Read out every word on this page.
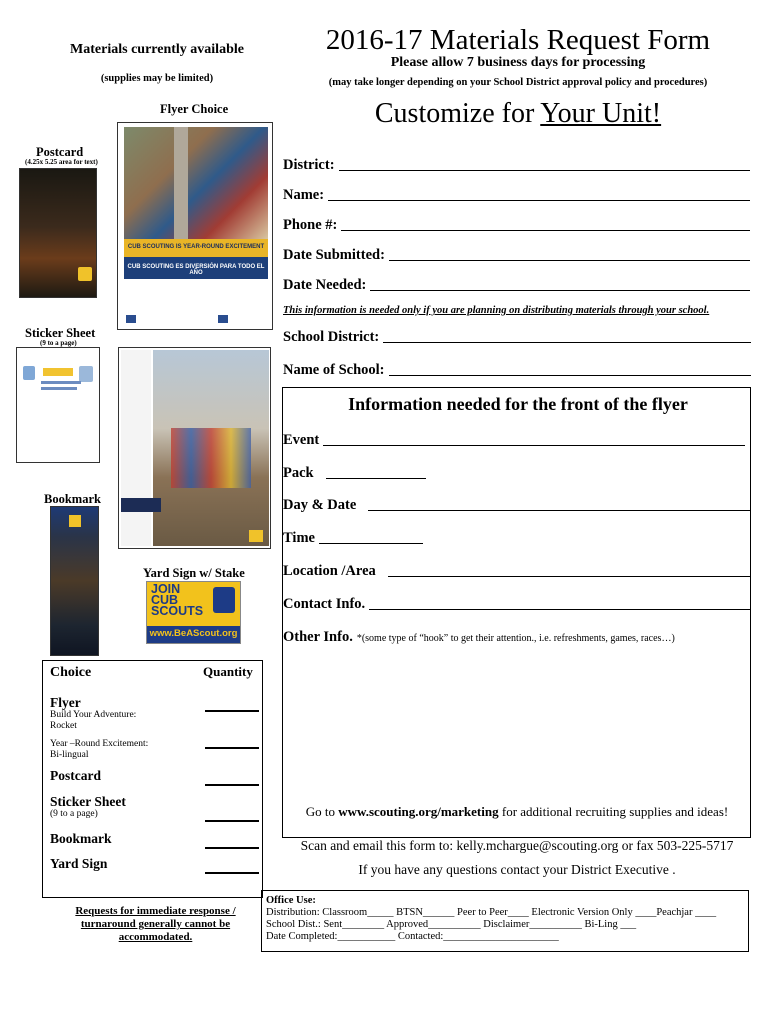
Materials currently available
(supplies may be limited)
2016-17 Materials Request Form
Please allow 7 business days for processing
(may take longer depending on your School District approval policy and procedures)
Customize for Your Unit!
Flyer Choice
Postcard
(4.25x 5.25 area for text)
Sticker Sheet
(9 to a page)
Bookmark
Yard Sign w/ Stake
CUB SCOUTING IS YEAR-ROUND EXCITEMENT
CUB SCOUTING ES DIVERSIÓN PARA TODO EL AÑO
JOIN
CUB
SCOUTS
www.BeAScout.org
District:
Name:
Phone #:
Date Submitted:
Date Needed:
This information is needed only if you are planning on distributing materials through your school.
School District:
Name of School:
Information needed for the front of the flyer
Event
Pack
Day & Date
Time
Location /Area
Contact Info.
Other Info. *(some type of “hook” to get their attention., i.e. refreshments, games, races…)
Go to www.scouting.org/marketing for additional recruiting supplies and ideas!
Scan and email this form to: kelly.mchargue@scouting.org or fax 503-225-5717
If you have any questions contact your District Executive .
Office Use:
Distribution: Classroom_____ BTSN______ Peer to Peer____ Electronic Version Only ____Peachjar ____
School Dist.: Sent________ Approved__________ Disclaimer__________ Bi-Ling ___
Date Completed:___________ Contacted:______________________
Choice	Quantity
Flyer
Build Your Adventure: Rocket
Year –Round Excitement: Bi-lingual
Postcard
Sticker Sheet
(9 to a page)
Bookmark
Yard Sign
Requests for immediate response / turnaround generally cannot be accommodated.
